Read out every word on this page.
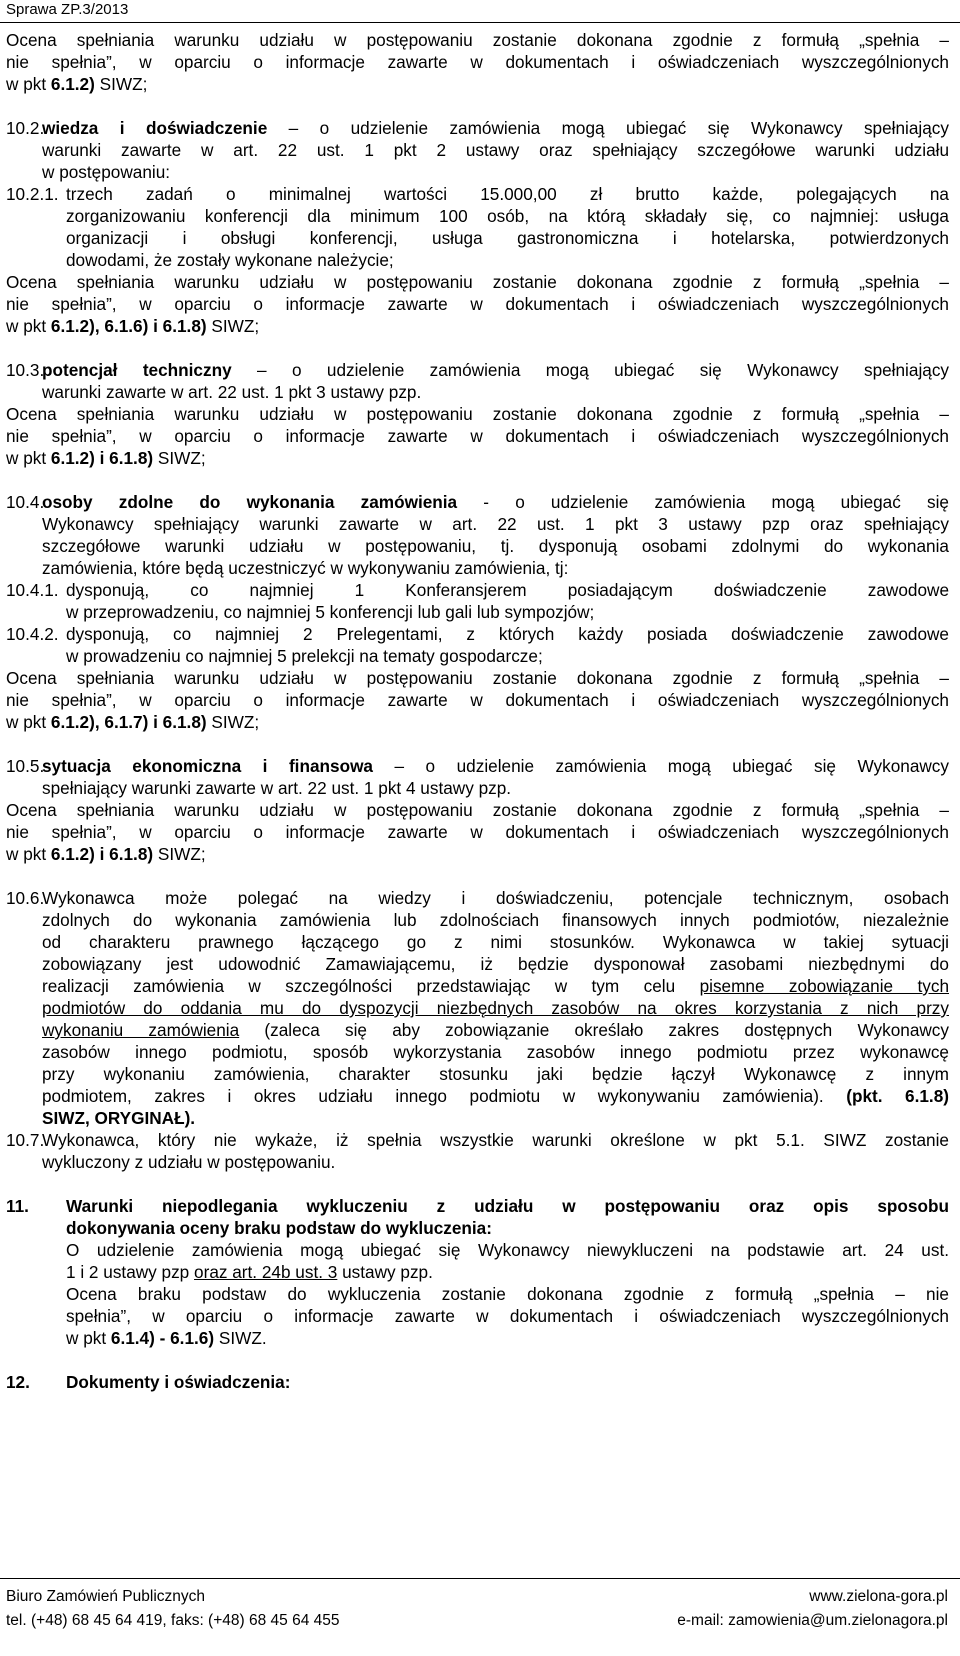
Sprawa ZP.3/2013
Ocena spełniania warunku udziału w postępowaniu zostanie dokonana zgodnie z formułą „spełnia –
nie spełnia”, w oparciu o informacje zawarte w dokumentach i oświadczeniach wyszczególnionych
w pkt 6.1.2) SIWZ;
10.2.
wiedza i doświadczenie – o udzielenie zamówienia mogą ubiegać się Wykonawcy spełniający
warunki zawarte w art. 22 ust. 1 pkt 2 ustawy oraz spełniający szczegółowe warunki udziału
w postępowaniu:
10.2.1. trzech zadań o minimalnej wartości 15.000,00 zł brutto każde, polegających na
zorganizowaniu konferencji dla minimum 100 osób, na którą składały się, co najmniej: usługa
organizacji i obsługi konferencji, usługa gastronomiczna i hotelarska, potwierdzonych
dowodami, że zostały wykonane należycie;
Ocena spełniania warunku udziału w postępowaniu zostanie dokonana zgodnie z formułą „spełnia –
nie spełnia”, w oparciu o informacje zawarte w dokumentach i oświadczeniach wyszczególnionych
w pkt 6.1.2), 6.1.6) i 6.1.8) SIWZ;
10.3.
potencjał techniczny – o udzielenie zamówienia mogą ubiegać się Wykonawcy spełniający
warunki zawarte w art. 22 ust. 1 pkt 3 ustawy pzp.
Ocena spełniania warunku udziału w postępowaniu zostanie dokonana zgodnie z formułą „spełnia –
nie spełnia”, w oparciu o informacje zawarte w dokumentach i oświadczeniach wyszczególnionych
w pkt 6.1.2) i 6.1.8) SIWZ;
10.4.
osoby zdolne do wykonania zamówienia - o udzielenie zamówienia mogą ubiegać się
Wykonawcy spełniający warunki zawarte w art. 22 ust. 1 pkt 3 ustawy pzp oraz spełniający
szczegółowe warunki udziału w postępowaniu, tj. dysponują osobami zdolnymi do wykonania
zamówienia, które będą uczestniczyć w wykonywaniu zamówienia, tj:
10.4.1. dysponują, co najmniej 1 Konferansjerem posiadającym doświadczenie zawodowe
w przeprowadzeniu, co najmniej 5 konferencji lub gali lub sympozjów;
10.4.2. dysponują, co najmniej 2 Prelegentami, z których każdy posiada doświadczenie zawodowe
w prowadzeniu co najmniej 5 prelekcji na tematy gospodarcze;
Ocena spełniania warunku udziału w postępowaniu zostanie dokonana zgodnie z formułą „spełnia –
nie spełnia”, w oparciu o informacje zawarte w dokumentach i oświadczeniach wyszczególnionych
w pkt 6.1.2), 6.1.7) i 6.1.8) SIWZ;
10.5.
sytuacja ekonomiczna i finansowa – o udzielenie zamówienia mogą ubiegać się Wykonawcy
spełniający warunki zawarte w art. 22 ust. 1 pkt 4 ustawy pzp.
Ocena spełniania warunku udziału w postępowaniu zostanie dokonana zgodnie z formułą „spełnia –
nie spełnia”, w oparciu o informacje zawarte w dokumentach i oświadczeniach wyszczególnionych
w pkt 6.1.2) i 6.1.8) SIWZ;
10.6.
Wykonawca może polegać na wiedzy i doświadczeniu, potencjale technicznym, osobach
zdolnych do wykonania zamówienia lub zdolnościach finansowych innych podmiotów, niezależnie
od charakteru prawnego łączącego go z nimi stosunków. Wykonawca w takiej sytuacji
zobowiązany jest udowodnić Zamawiającemu, iż będzie dysponował zasobami niezbędnymi do
realizacji zamówienia w szczególności przedstawiając w tym celu pisemne zobowiązanie tych
podmiotów do oddania mu do dyspozycji niezbędnych zasobów na okres korzystania z nich przy
wykonaniu zamówienia (zaleca się aby zobowiązanie określało zakres dostępnych Wykonawcy
zasobów innego podmiotu, sposób wykorzystania zasobów innego podmiotu przez wykonawcę
przy wykonaniu zamówienia, charakter stosunku jaki będzie łączył Wykonawcę z innym
podmiotem, zakres i okres udziału innego podmiotu w wykonywaniu zamówienia). (pkt. 6.1.8)
SIWZ, ORYGINAŁ).
10.7.
Wykonawca, który nie wykaże, iż spełnia wszystkie warunki określone w pkt 5.1. SIWZ zostanie
wykluczony z udziału w postępowaniu.
11. Warunki niepodlegania wykluczeniu z udziału w postępowaniu oraz opis sposobu
dokonywania oceny braku podstaw do wykluczenia:
O udzielenie zamówienia mogą ubiegać się Wykonawcy niewykluczeni na podstawie art. 24 ust.
1 i 2 ustawy pzp oraz art. 24b ust. 3 ustawy pzp.
Ocena braku podstaw do wykluczenia zostanie dokonana zgodnie z formułą „spełnia – nie
spełnia”, w oparciu o informacje zawarte w dokumentach i oświadczeniach wyszczególnionych
w pkt 6.1.4) - 6.1.6) SIWZ.
12. Dokumenty i oświadczenia:
Biuro Zamówień Publicznych
tel. (+48) 68 45 64 419, faks: (+48) 68 45 64 455
www.zielona-gora.pl
e-mail: zamowienia@um.zielonagora.pl
